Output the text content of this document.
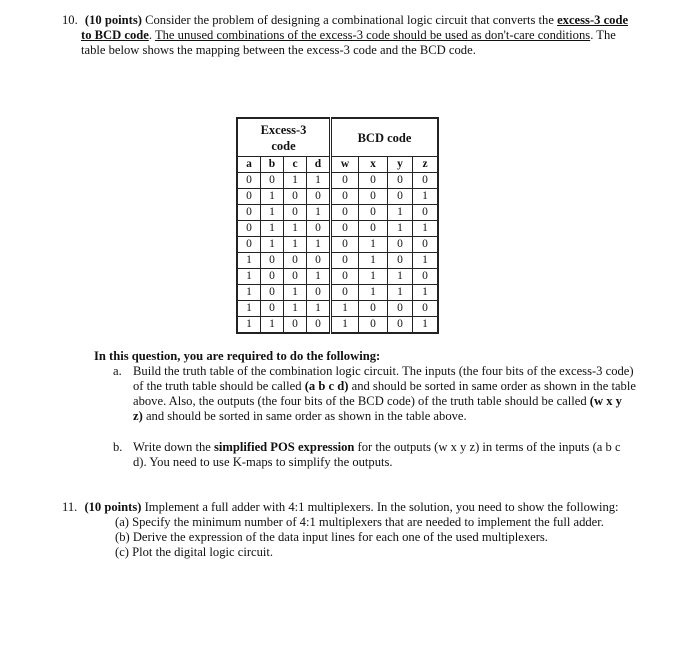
10. (10 points) Consider the problem of designing a combinational logic circuit that converts the excess-3 code
to BCD code. The unused combinations of the excess-3 code should be used as don't-care conditions. The
table below shows the mapping between the excess-3 code and the BCD code.
Excess-3
code				BCD code			
a	b	c	d	w	x	y	z
0	0	1	1	0	0	0	0
0	1	0	0	0	0	0	1
0	1	0	1	0	0	1	0
0	1	1	0	0	0	1	1
0	1	1	1	0	1	0	0
1	0	0	0	0	1	0	1
1	0	0	1	0	1	1	0
1	0	1	0	0	1	1	1
1	0	1	1	1	0	0	0
1	1	0	0	1	0	0	1
In this question, you are required to do the following:
a. Build the truth table of the combination logic circuit. The inputs (the four bits of the excess-3 code)
of the truth table should be called (a b c d) and should be sorted in same order as shown in the table
above. Also, the outputs (the four bits of the BCD code) of the truth table should be called (w x y
z) and should be sorted in same order as shown in the table above.
b. Write down the simplified POS expression for the outputs (w x y z) in terms of the inputs (a b c
d). You need to use K-maps to simplify the outputs.
11. (10 points) Implement a full adder with 4:1 multiplexers. In the solution, you need to show the following:
(a) Specify the minimum number of 4:1 multiplexers that are needed to implement the full adder.
(b) Derive the expression of the data input lines for each one of the used multiplexers.
(c) Plot the digital logic circuit.
